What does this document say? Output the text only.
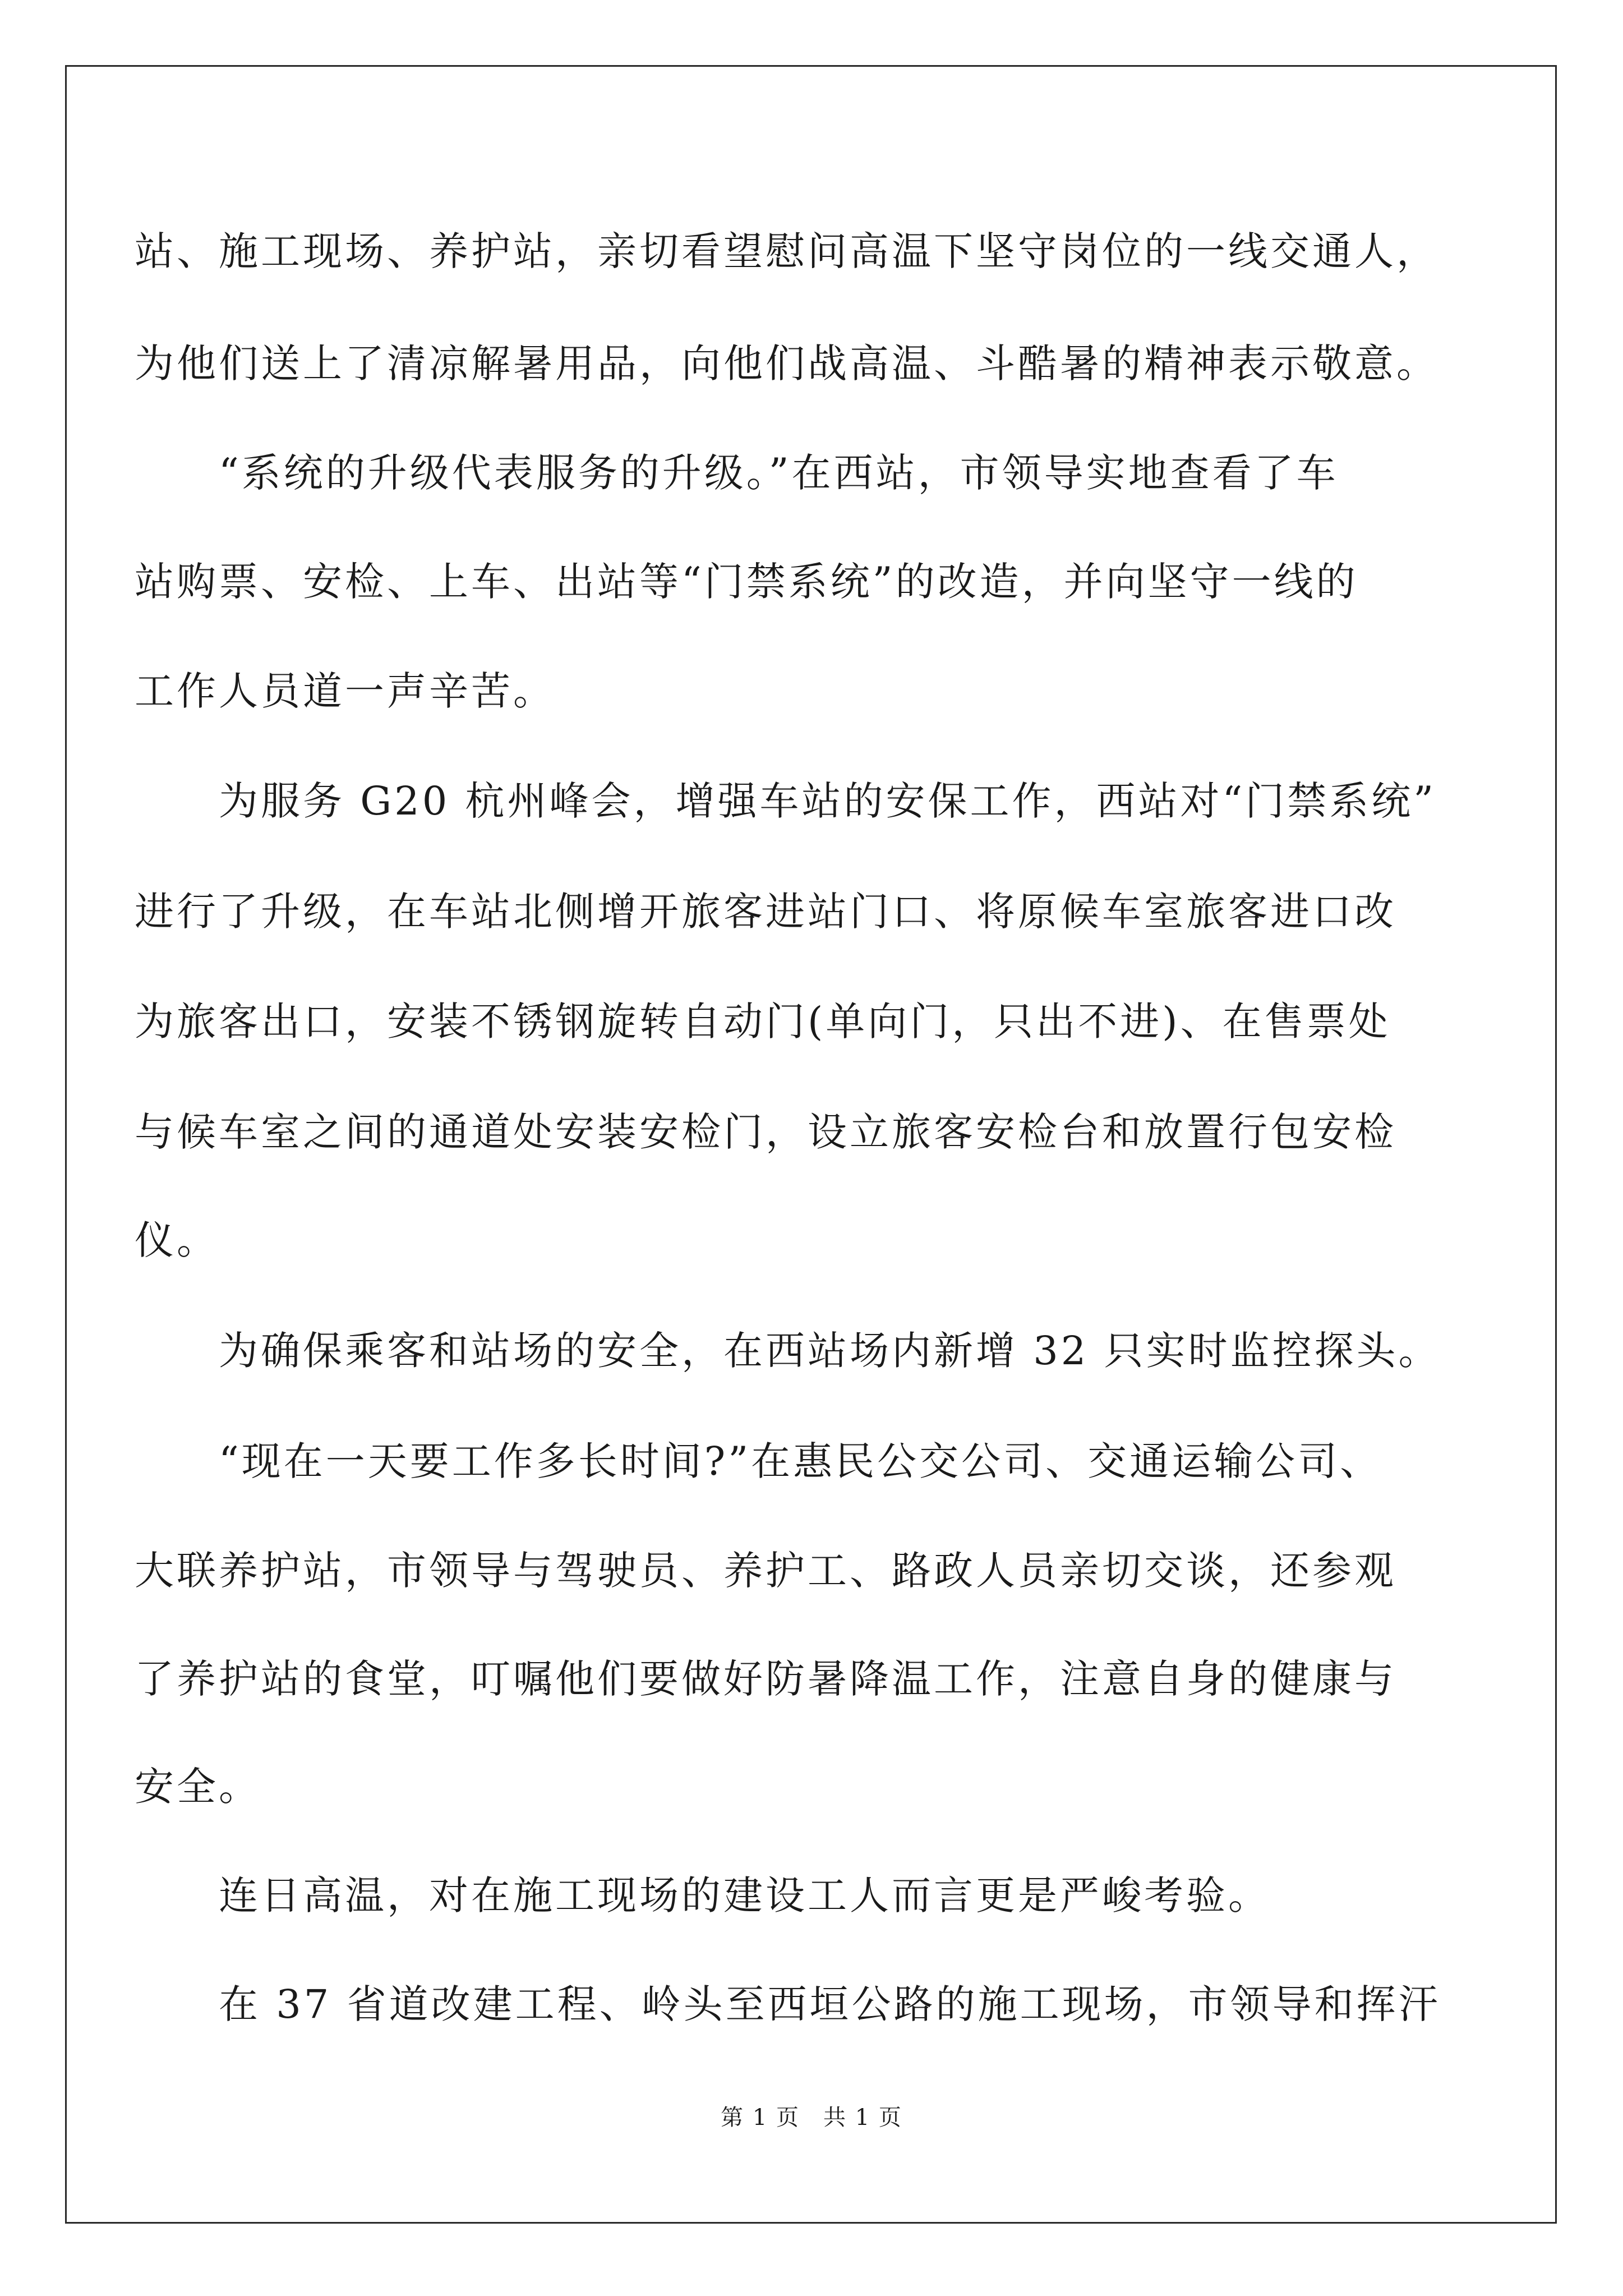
站、施工现场、养护站，亲切看望慰问高温下坚守岗位的一线交通人，
为他们送上了清凉解暑用品，向他们战高温、斗酷暑的精神表示敬意。
“系统的升级代表服务的升级。”在西站，市领导实地查看了车
站购票、安检、上车、出站等“门禁系统”的改造，并向坚守一线的
工作人员道一声辛苦。
为服务 G20 杭州峰会，增强车站的安保工作，西站对“门禁系统”
进行了升级，在车站北侧增开旅客进站门口、将原候车室旅客进口改
为旅客出口，安装不锈钢旋转自动门(单向门，只出不进)、在售票处
与候车室之间的通道处安装安检门，设立旅客安检台和放置行包安检
仪。
为确保乘客和站场的安全，在西站场内新增 32 只实时监控探头。
“现在一天要工作多长时间?”在惠民公交公司、交通运输公司、
大联养护站，市领导与驾驶员、养护工、路政人员亲切交谈，还参观
了养护站的食堂，叮嘱他们要做好防暑降温工作，注意自身的健康与
安全。
连日高温，对在施工现场的建设工人而言更是严峻考验。
在 37 省道改建工程、岭头至西垣公路的施工现场，市领导和挥汗
第 1 页　共 1 页
